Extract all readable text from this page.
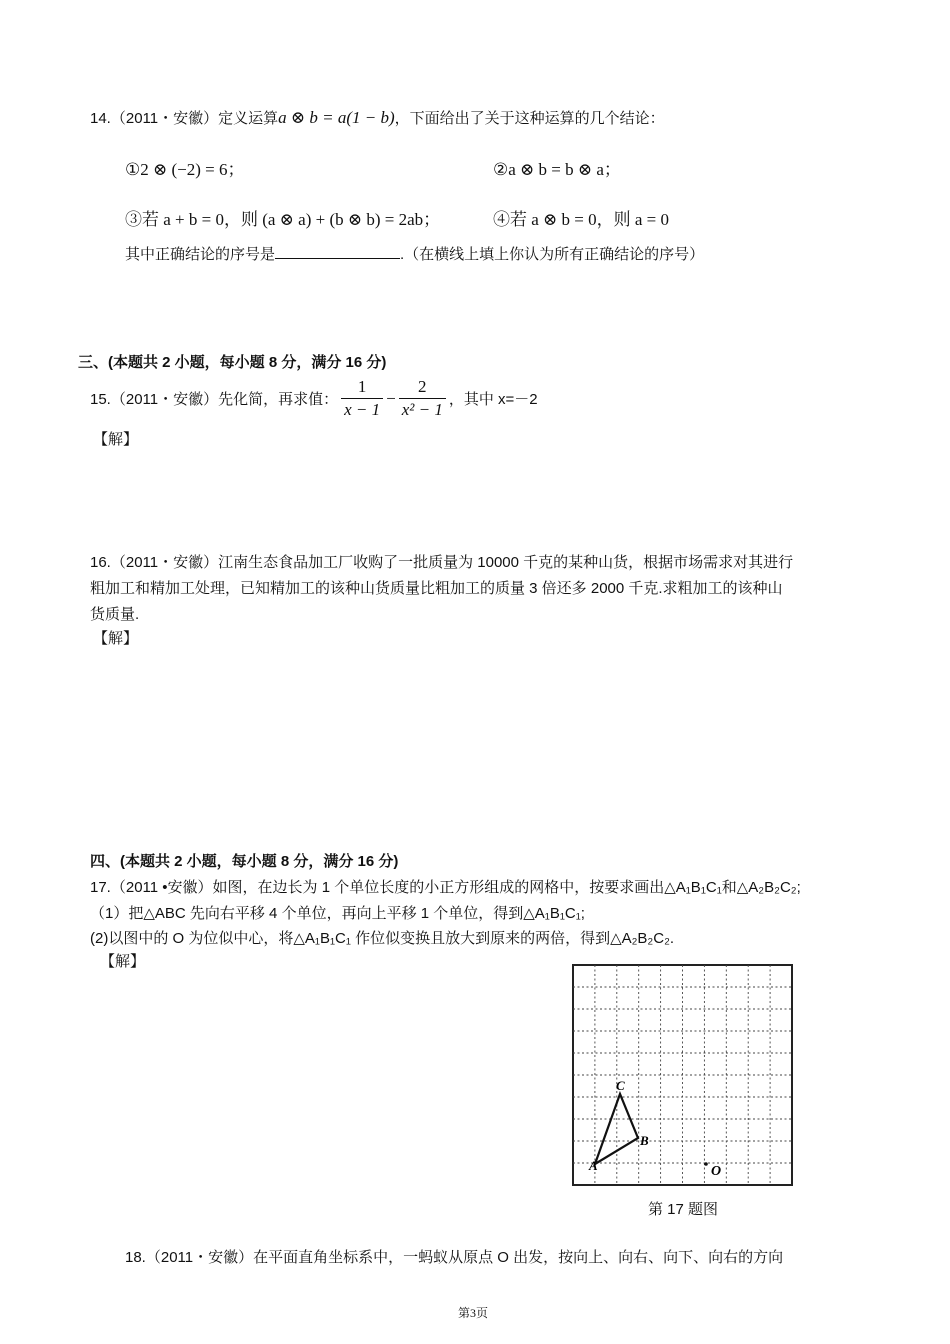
14.（2011・安徽）定义运算a ⊗ b = a(1 − b)，下面给出了关于这种运算的几个结论：
①2 ⊗ (−2) = 6；	②a ⊗ b = b ⊗ a；
③若 a + b = 0，则 (a ⊗ a) + (b ⊗ b) = 2ab；	④若 a ⊗ b = 0，则 a = 0
其中正确结论的序号是	.（在横线上填上你认为所有正确结论的序号）
三、(本题共 2 小题，每小题 8 分，满分 16 分)
15.（2011・安徽）先化简，再求值： $\frac{1}{x - 1} - \frac{2}{\text{x² − 1}}$ ，其中 x=－2
【解】
16.（2011・安徽）江南生态食品加工厂收购了一批质量为 10000 千克的某种山货，根据市场需求对其进行
粗加工和精加工处理，已知精加工的该种山货质量比粗加工的质量 3 倍还多 2000 千克.求粗加工的该种山
货质量.
【解】
四、(本题共 2 小题，每小题 8 分，满分 16 分)
17.（2011 •安徽）如图，在边长为 1 个单位长度的小正方形组成的网格中，按要求画出△A₁B₁C₁和△A₂B₂C₂;
（1）把△ABC 先向右平移 4 个单位，再向上平移 1 个单位，得到△A₁B₁C₁;
(2)以图中的 O 为位似中心，将△A₁B₁C₁ 作位似变换且放大到原来的两倍，得到△A₂B₂C₂.
【解】
A
B
C
O
第 17 题图
18.（2011・安徽）在平面直角坐标系中，一蚂蚁从原点 O 出发，按向上、向右、向下、向右的方向
第3页
